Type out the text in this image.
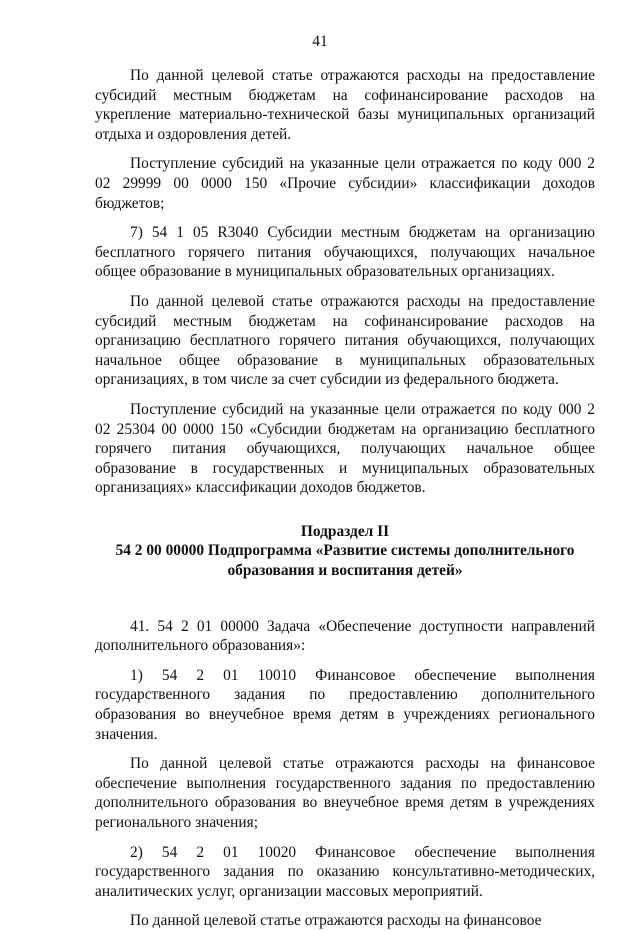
41

По данной целевой статье отражаются расходы на предоставление субсидий местным бюджетам на софинансирование расходов на укрепление материально-технической базы муниципальных организаций отдыха и оздоровления детей.

Поступление субсидий на указанные цели отражается по коду 000 2 02 29999 00 0000 150 «Прочие субсидии» классификации доходов бюджетов;

7) 54 1 05 R3040 Субсидии местным бюджетам на организацию бесплатного горячего питания обучающихся, получающих начальное общее образование в муниципальных образовательных организациях.

По данной целевой статье отражаются расходы на предоставление субсидий местным бюджетам на софинансирование расходов на организацию бесплатного горячего питания обучающихся, получающих начальное общее образование в муниципальных образовательных организациях, в том числе за счет субсидии из федерального бюджета.

Поступление субсидий на указанные цели отражается по коду 000 2 02 25304 00 0000 150 «Субсидии бюджетам на организацию бесплатного горячего питания обучающихся, получающих начальное общее образование в государственных и муниципальных образовательных организациях» классификации доходов бюджетов.

Подраздел II
54 2 00 00000 Подпрограмма «Развитие системы дополнительного
образования и воспитания детей»

41. 54 2 01 00000 Задача «Обеспечение доступности направлений дополнительного образования»:

1) 54 2 01 10010 Финансовое обеспечение выполнения государственного задания по предоставлению дополнительного образования во внеучебное время детям в учреждениях регионального значения.

По данной целевой статье отражаются расходы на финансовое обеспечение выполнения государственного задания по предоставлению дополнительного образования во внеучебное время детям в учреждениях регионального значения;

2) 54 2 01 10020 Финансовое обеспечение выполнения государственного задания по оказанию консультативно-методических, аналитических услуг, организации массовых мероприятий.

По данной целевой статье отражаются расходы на финансовое
